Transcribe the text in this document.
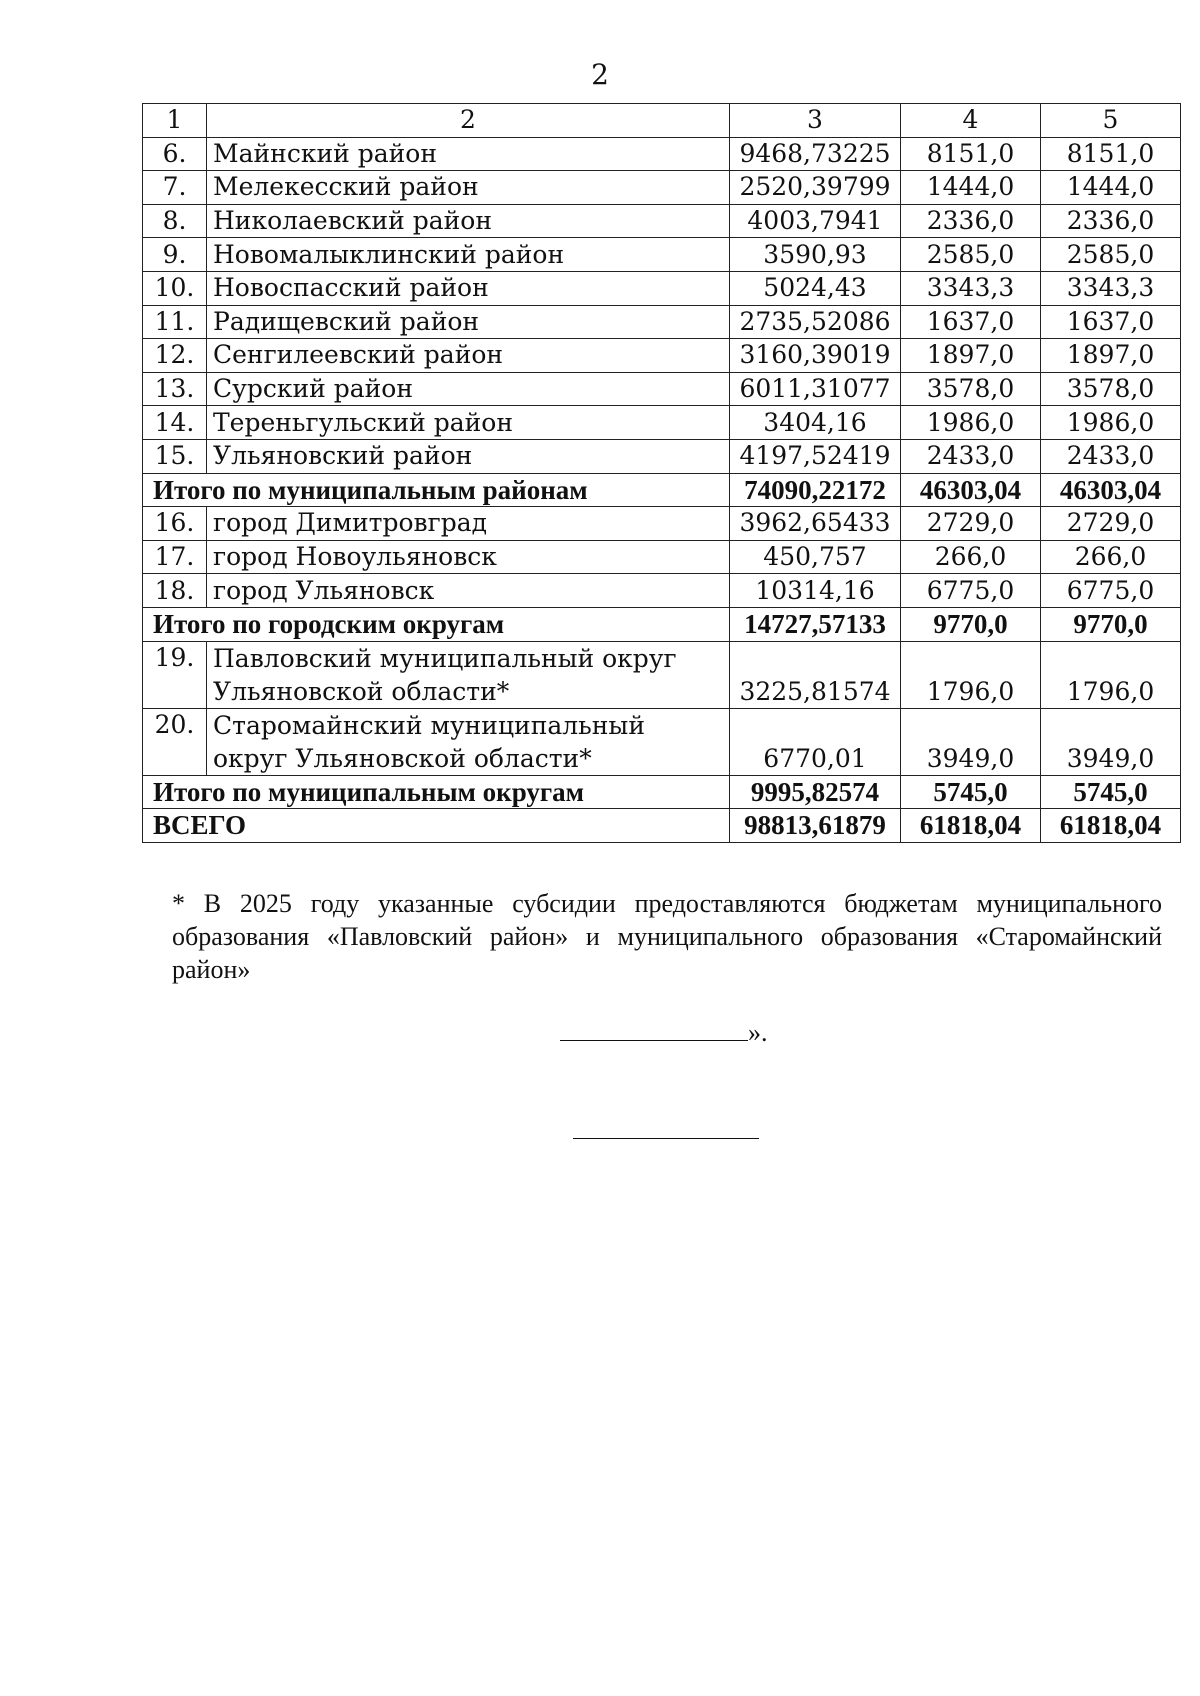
2
1	2	3	4	5
6.	Майнский район	9468,73225	8151,0	8151,0
7.	Мелекесский район	2520,39799	1444,0	1444,0
8.	Николаевский район	4003,7941	2336,0	2336,0
9.	Новомалыклинский район	3590,93	2585,0	2585,0
10.	Новоспасский район	5024,43	3343,3	3343,3
11.	Радищевский район	2735,52086	1637,0	1637,0
12.	Сенгилеевский район	3160,39019	1897,0	1897,0
13.	Сурский район	6011,31077	3578,0	3578,0
14.	Тереньгульский район	3404,16	1986,0	1986,0
15.	Ульяновский район	4197,52419	2433,0	2433,0
Итого по муниципальным районам		74090,22172	46303,04	46303,04
16.	город Димитровград	3962,65433	2729,0	2729,0
17.	город Новоульяновск	450,757	266,0	266,0
18.	город Ульяновск	10314,16	6775,0	6775,0
Итого по городским округам		14727,57133	9770,0	9770,0
19.	Павловский муниципальный округ Ульяновской области*	3225,81574	1796,0	1796,0
20.	Старомайнский муниципальный округ Ульяновской области*	6770,01	3949,0	3949,0
Итого по муниципальным округам		9995,82574	5745,0	5745,0
ВСЕГО		98813,61879	61818,04	61818,04
* В 2025 году указанные субсидии предоставляются бюджетам муниципального образования «Павловский район» и муниципального образования «Старомайнский район»
».
